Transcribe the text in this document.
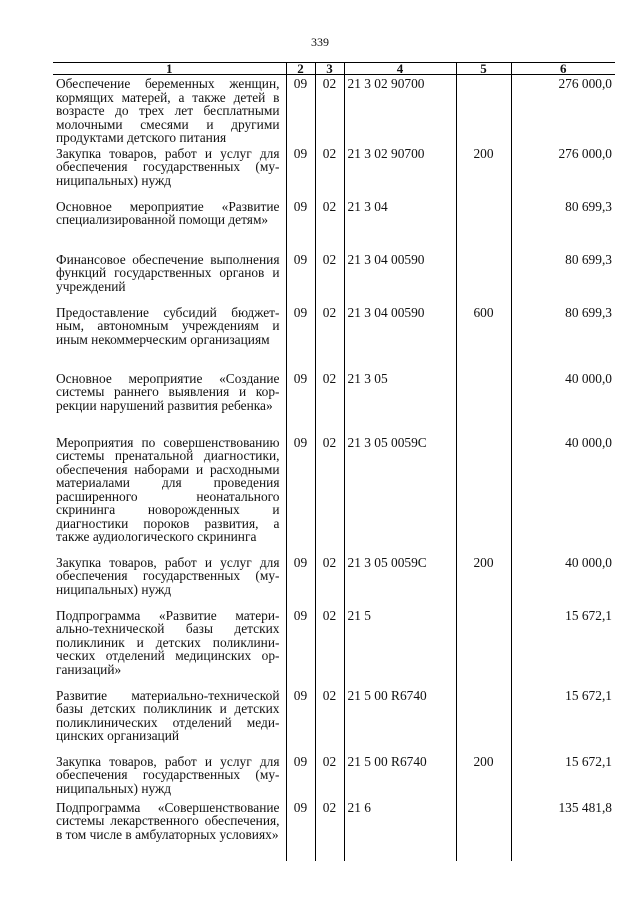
339
1	2	3	4	5	6
Обеспечение беременных женщин, кормящих матерей, а также детей в возрасте до трех лет бесплатными молочными смесями и другими продуктами детского питания	09	02	21 3 02 90700		276 000,0
Закупка товаров, работ и услуг для обеспечения государственных (муниципальных) нужд	09	02	21 3 02 90700	200	276 000,0
Основное мероприятие «Развитие специализированной помощи детям»	09	02	21 3 04		80 699,3
Финансовое обеспечение выполнения функций государственных органов и учреждений	09	02	21 3 04 00590		80 699,3
Предоставление субсидий бюджетным, автономным учреждениям и иным некоммерческим организациям	09	02	21 3 04 00590	600	80 699,3
Основное мероприятие «Создание системы раннего выявления и коррекции нарушений развития ребенка»	09	02	21 3 05		40 000,0
Мероприятия по совершенствованию системы пренатальной диагностики, обеспечения наборами и расходными материалами для проведения расширенного неонатального скрининга новорожденных и диагностики пороков развития, а также аудиологического скрининга	09	02	21 3 05 0059С		40 000,0
Закупка товаров, работ и услуг для обеспечения государственных (муниципальных) нужд	09	02	21 3 05 0059С	200	40 000,0
Подпрограмма «Развитие материально-технической базы детских поликлиник и детских поликлинических отделений медицинских организаций»	09	02	21 5		15 672,1
Развитие материально-технической базы детских поликлиник и детских поликлинических отделений медицинских организаций	09	02	21 5 00 R6740		15 672,1
Закупка товаров, работ и услуг для обеспечения государственных (муниципальных) нужд	09	02	21 5 00 R6740	200	15 672,1
Подпрограмма «Совершенствование системы лекарственного обеспечения, в том числе в амбулаторных условиях»	09	02	21 6		135 481,8
